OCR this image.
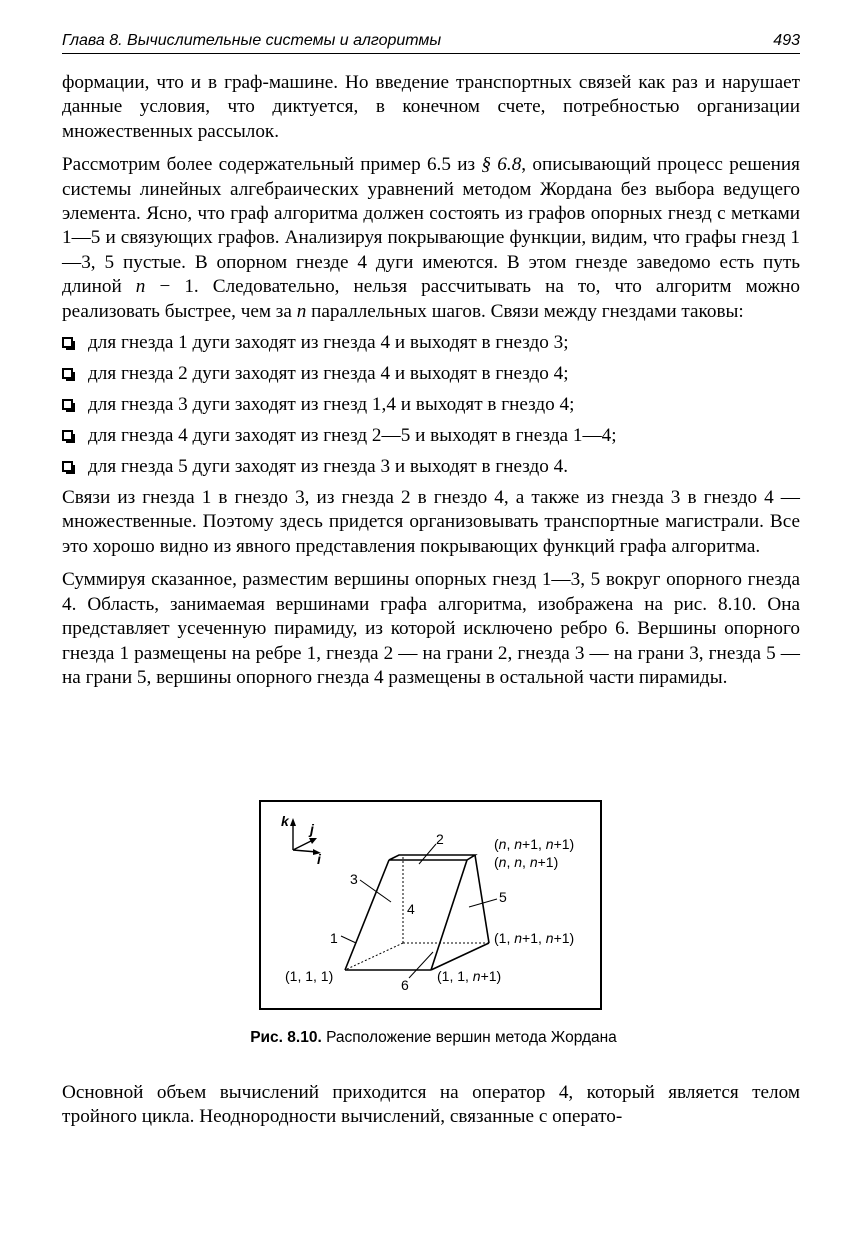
Глава 8. Вычислительные системы и алгоритмы	493

формации, что и в граф-машине. Но введение транспортных связей как раз и нарушает данные условия, что диктуется, в конечном счете, потребностью организации множественных рассылок.

Рассмотрим более содержательный пример 6.5 из § 6.8, описывающий процесс решения системы линейных алгебраических уравнений методом Жордана без выбора ведущего элемента. Ясно, что граф алгоритма должен состоять из графов опорных гнезд с метками 1—5 и связующих графов. Анализируя покрывающие функции, видим, что графы гнезд 1—3, 5 пустые. В опорном гнезде 4 дуги имеются. В этом гнезде заведомо есть путь длиной n − 1. Следовательно, нельзя рассчитывать на то, что алгоритм можно реализовать быстрее, чем за n параллельных шагов. Связи между гнездами таковы:

для гнезда 1 дуги заходят из гнезда 4 и выходят в гнездо 3;
для гнезда 2 дуги заходят из гнезда 4 и выходят в гнездо 4;
для гнезда 3 дуги заходят из гнезд 1,4 и выходят в гнездо 4;
для гнезда 4 дуги заходят из гнезд 2—5 и выходят в гнезда 1—4;
для гнезда 5 дуги заходят из гнезда 3 и выходят в гнездо 4.

Связи из гнезда 1 в гнездо 3, из гнезда 2 в гнездо 4, а также из гнезда 3 в гнездо 4 — множественные. Поэтому здесь придется организовывать транспортные магистрали. Все это хорошо видно из явного представления покрывающих функций графа алгоритма.

Суммируя сказанное, разместим вершины опорных гнезд 1—3, 5 вокруг опорного гнезда 4. Область, занимаемая вершинами графа алгоритма, изображена на рис. 8.10. Она представляет усеченную пирамиду, из которой исключено ребро 6. Вершины опорного гнезда 1 размещены на ребре 1, гнезда 2 — на грани 2, гнезда 3 — на грани 3, гнезда 5 — на грани 5, вершины опорного гнезда 4 размещены в остальной части пирамиды.

k j
i
2
3
4
5
1
6
(n, n+1, n+1)
(n, n, n+1)
(1, n+1, n+1)
(1, 1, 1)	(1, 1, n+1)
Рис. 8.10. Расположение вершин метода Жордана

Основной объем вычислений приходится на оператор 4, который является телом тройного цикла. Неоднородности вычислений, связанные с операто-
